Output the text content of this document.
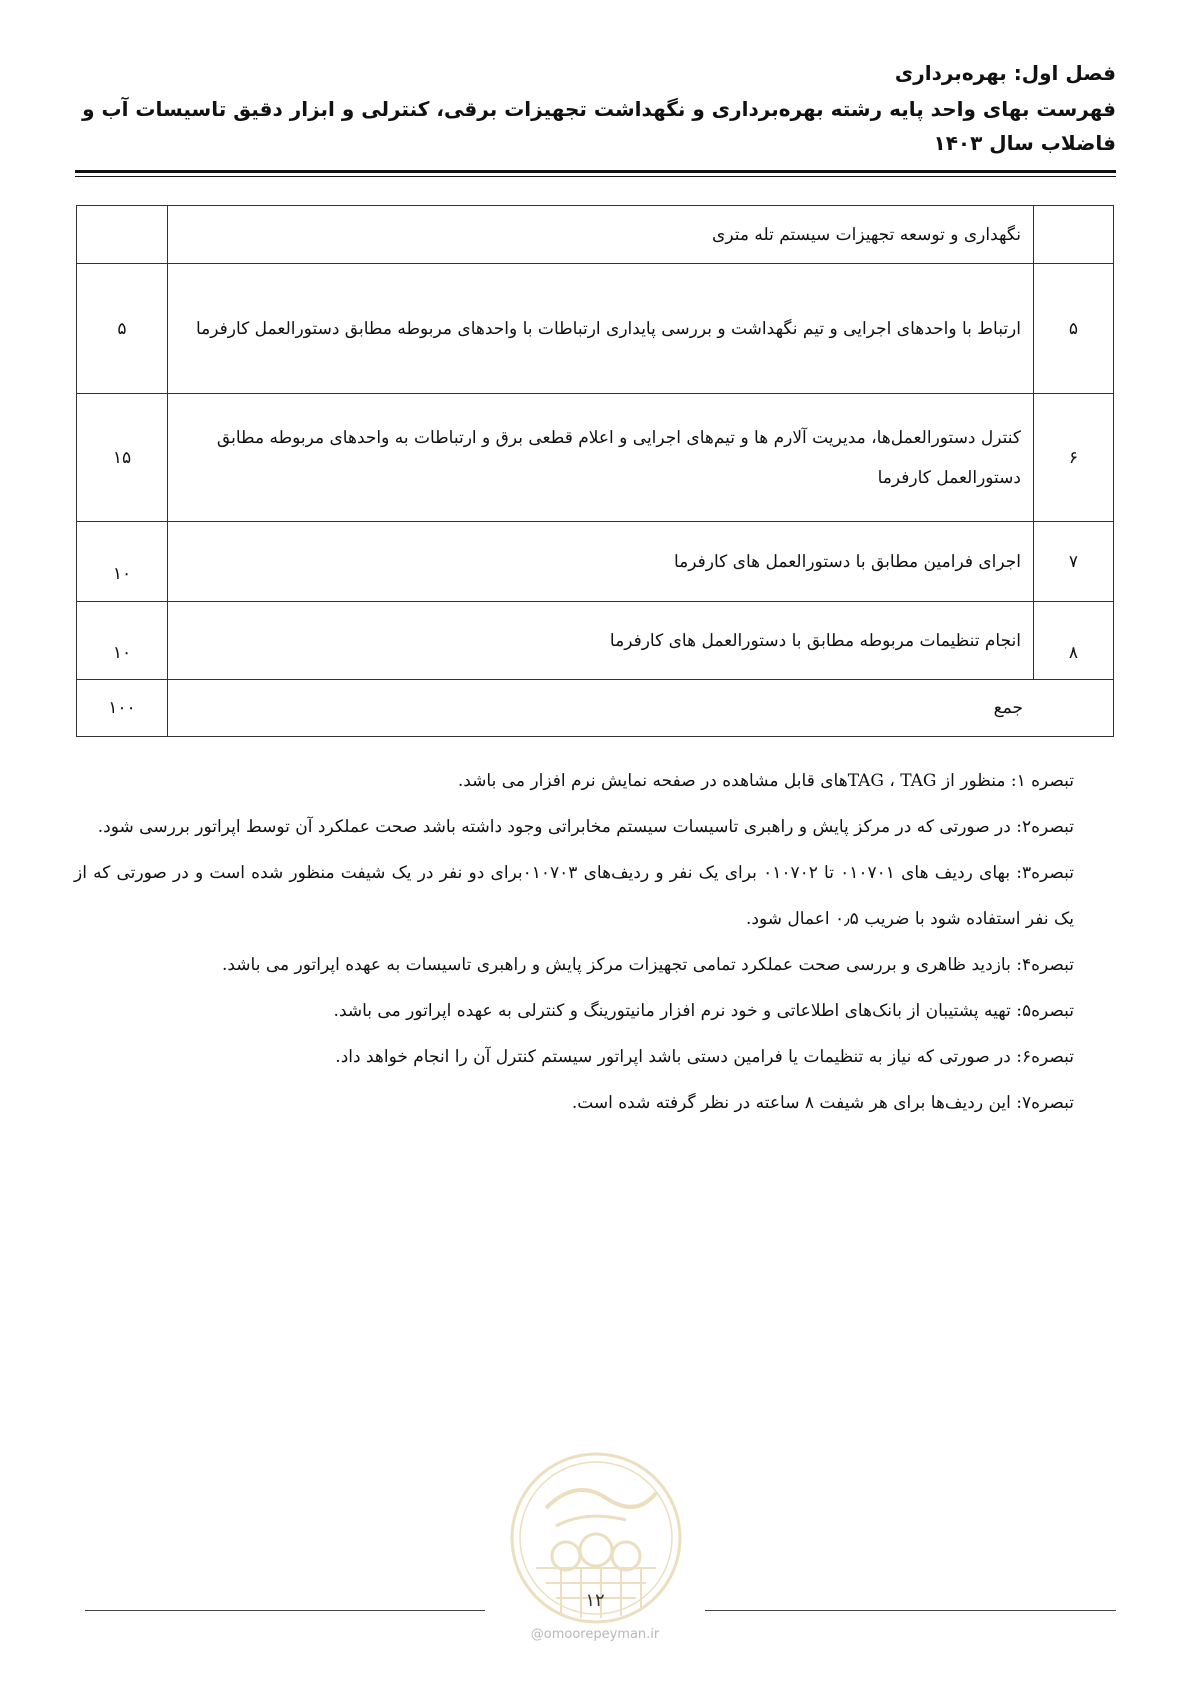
فصل اول: بهره‌برداری
فهرست بهای واحد پایه رشته بهره‌برداری و نگهداشت تجهیزات برقی، کنترلی و ابزار دقیق تاسیسات آب و فاضلاب سال ۱۴۰۳
	نگهداری و توسعه تجهیزات سیستم تله متری	
۵	ارتباط با واحدهای اجرایی و تیم نگهداشت و بررسی پایداری ارتباطات با واحدهای مربوطه مطابق دستورالعمل کارفرما	۵
۶	کنترل دستورالعمل‌ها، مدیریت آلارم ها و تیم‌های اجرایی و اعلام قطعی برق و ارتباطات به واحدهای مربوطه مطابق دستورالعمل کارفرما	۱۵
۷	اجرای فرامین مطابق با دستورالعمل های کارفرما	۱۰
۸	انجام تنظیمات مربوطه مطابق با دستورالعمل های کارفرما	۱۰
جمع		۱۰۰

تبصره ۱: منظور از TAG ، TAGهای قابل مشاهده در صفحه نمایش نرم افزار می باشد.

تبصره۲: در صورتی که در مرکز پایش و راهبری تاسیسات سیستم مخابراتی وجود داشته باشد صحت عملکرد آن توسط اپراتور بررسی شود.

تبصره۳: بهای ردیف های ۰۱۰۷۰۱ تا ۰۱۰۷۰۲ برای یک نفر و ردیف‌های ۰۱۰۷۰۳برای دو نفر در یک شیفت منظور شده است و در صورتی که از یک نفر استفاده شود با ضریب ۰٫۵ اعمال شود.

تبصره۴: بازدید ظاهری و بررسی صحت عملکرد تمامی تجهیزات مرکز پایش و راهبری تاسیسات به عهده اپراتور می باشد.

تبصره۵: تهیه پشتیبان از بانک‌های اطلاعاتی و خود نرم افزار مانیتورینگ و کنترلی به عهده اپراتور می باشد.

تبصره۶: در صورتی که نیاز به تنظیمات یا فرامین دستی باشد اپراتور سیستم کنترل آن را انجام خواهد داد.

تبصره۷: این ردیف‌ها برای هر شیفت ۸ ساعته در نظر گرفته شده است.

۱۲
@omoorepeyman.ir
